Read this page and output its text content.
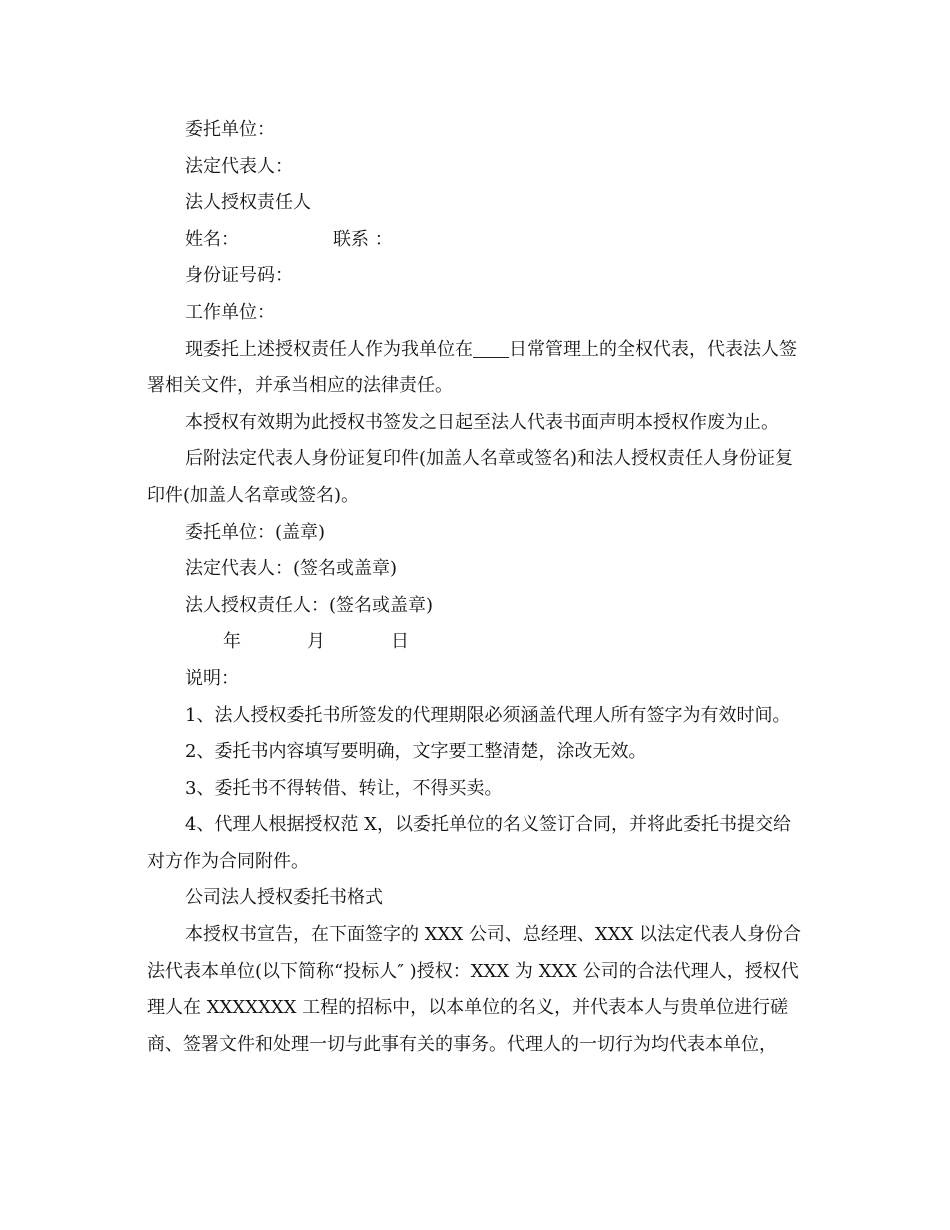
委托单位：

法定代表人：

法人授权责任人

姓名：	联系 ：

身份证号码：

工作单位：

现委托上述授权责任人作为我单位在 日常管理上的全权代表，代表法人签署相关文件，并承当相应的法律责任。

本授权有效期为此授权书签发之日起至法人代表书面声明本授权作废为止。

后附法定代表人身份证复印件(加盖人名章或签名)和法人授权责任人身份证复印件(加盖人名章或签名)。

委托单位：(盖章)

法定代表人：(签名或盖章)

法人授权责任人：(签名或盖章)

年	月	日

说明：

1、法人授权委托书所签发的代理期限必须涵盖代理人所有签字为有效时间。

2、委托书内容填写要明确，文字要工整清楚，涂改无效。

3、委托书不得转借、转让，不得买卖。

4、代理人根据授权范 X，以委托单位的名义签订合同，并将此委托书提交给对方作为合同附件。

公司法人授权委托书格式

本授权书宣告，在下面签字的 XXX 公司、总经理、XXX 以法定代表人身份合法代表本单位(以下简称“投标人″ )授权：XXX 为 XXX 公司的合法代理人，授权代理人在 XXXXXXX 工程的招标中，以本单位的名义，并代表本人与贵单位进行磋商、签署文件和处理一切与此事有关的事务。代理人的一切行为均代表本单位，
